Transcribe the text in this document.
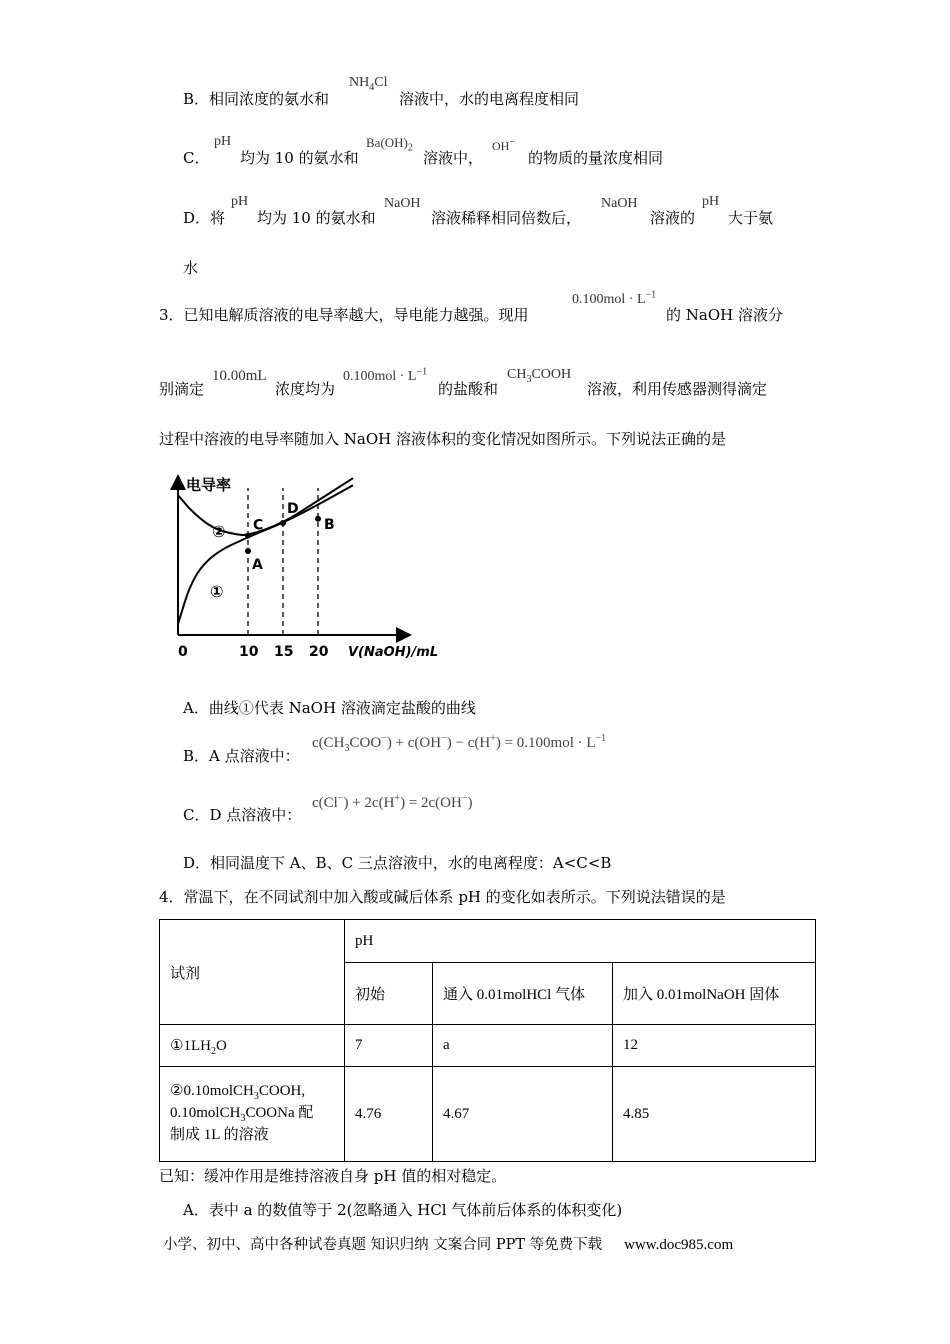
B．相同浓度的氨水和
$NH_4Cl$
溶液中，水的电离程度相同
C．
pH
均为 10 的氨水和
$Ba(OH)_2$
溶液中，
OH−
的物质的量浓度相同
D．将
pH
均为 10 的氨水和
NaOH
溶液稀释相同倍数后，
NaOH
溶液的
pH
大于氨
水
3．已知电解质溶液的电导率越大，导电能力越强。现用
$0.100mol \cdot L^{-1}$
的 NaOH 溶液分
别滴定
10.00mL
浓度均为
$0.100mol \cdot L^{-1}$
的盐酸和
$CH_3COOH$
溶液，利用传感器测得滴定
过程中溶液的电导率随加入 NaOH 溶液体积的变化情况如图所示。下列说法正确的是
A
B
C
D
0	10 15 20
电导率
V(NaOH)/mL
①
②
A．曲线①代表 NaOH 溶液滴定盐酸的曲线
B．A 点溶液中：
$c(CH_3COO^-) + c(OH^-) - c(H^+) = 0.100mol \cdot L^{-1}$
C．D 点溶液中：
c(Cl−) + 2c(H+) = 2c(OH−)
D．相同温度下 A、B、C 三点溶液中，水的电离程度：A<C<B
4．常温下，在不同试剂中加入酸或碱后体系 pH 的变化如表所示。下列说法错误的是
试剂	pH		
	初始	通入 0.01molHCl 气体	加入 0.01molNaOH 固体
$①1LH_2O$	7	a	12
②0.10molCH$_3$COOH,
0.10molCH$_3$COONa 配
制成 1L 的溶液	4.76	4.67	4.85
已知：缓冲作用是维持溶液自身 pH 值的相对稳定。
A．表中 a 的数值等于 2(忽略通入 HCl 气体前后体系的体积变化)
小学、初中、高中各种试卷真题 知识归纳 文案合同 PPT 等免费下载 www.doc985.com
